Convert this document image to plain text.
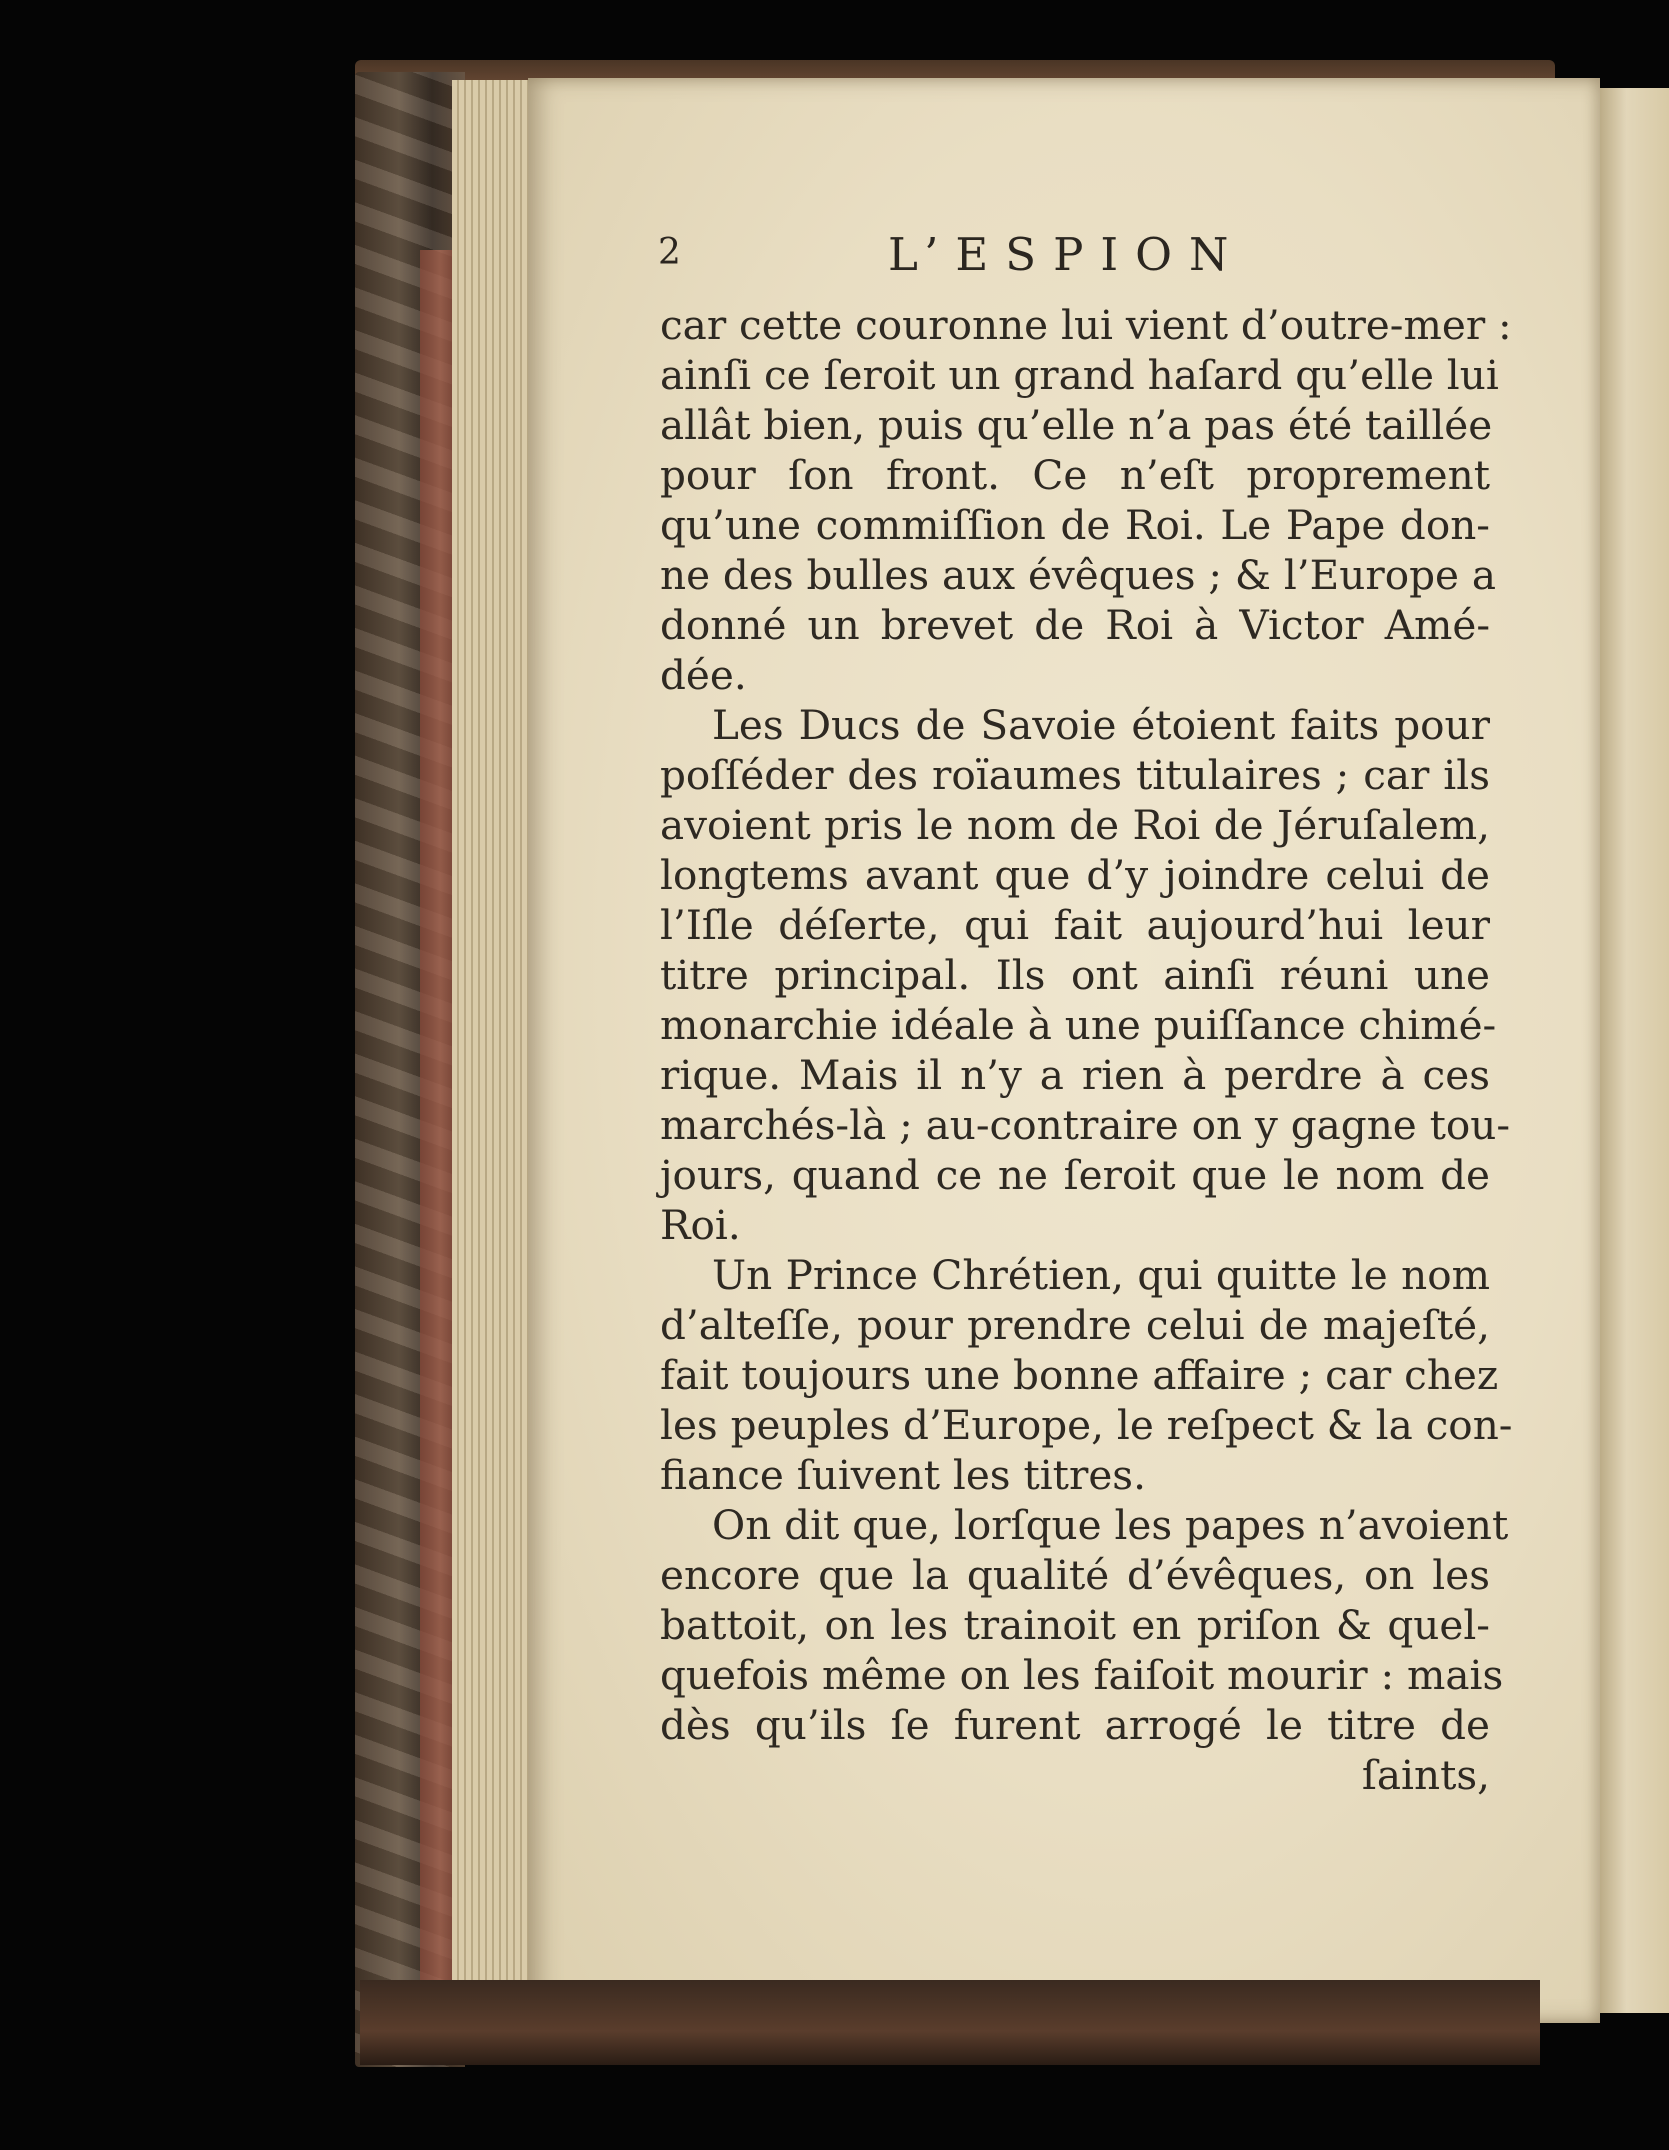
2	L’ESPION
car cette couronne lui vient d’outre-mer :
ainſi ce ſeroit un grand haſard qu’elle lui
allât bien, puis qu’elle n’a pas été taillée
pour ſon front. Ce n’eſt proprement
qu’une commiſſion de Roi. Le Pape don-
ne des bulles aux évêques ; & l’Europe a
donné un brevet de Roi à Victor Amé-
dée.
Les Ducs de Savoie étoient faits pour
poſſéder des roïaumes titulaires ; car ils
avoient pris le nom de Roi de Jéruſalem,
longtems avant que d’y joindre celui de
l’Iſle déſerte, qui fait aujourd’hui leur
titre principal. Ils ont ainſi réuni une
monarchie idéale à une puiſſance chimé-
rique. Mais il n’y a rien à perdre à ces
marchés-là ; au-contraire on y gagne tou-
jours, quand ce ne ſeroit que le nom de
Roi.
Un Prince Chrétien, qui quitte le nom
d’alteſſe, pour prendre celui de majeſté,
fait toujours une bonne affaire ; car chez
les peuples d’Europe, le reſpect & la con-
fiance ſuivent les titres.
On dit que, lorſque les papes n’avoient
encore que la qualité d’évêques, on les
battoit, on les trainoit en priſon & quel-
quefois même on les faiſoit mourir : mais
dès qu’ils ſe furent arrogé le titre de
ſaints,
